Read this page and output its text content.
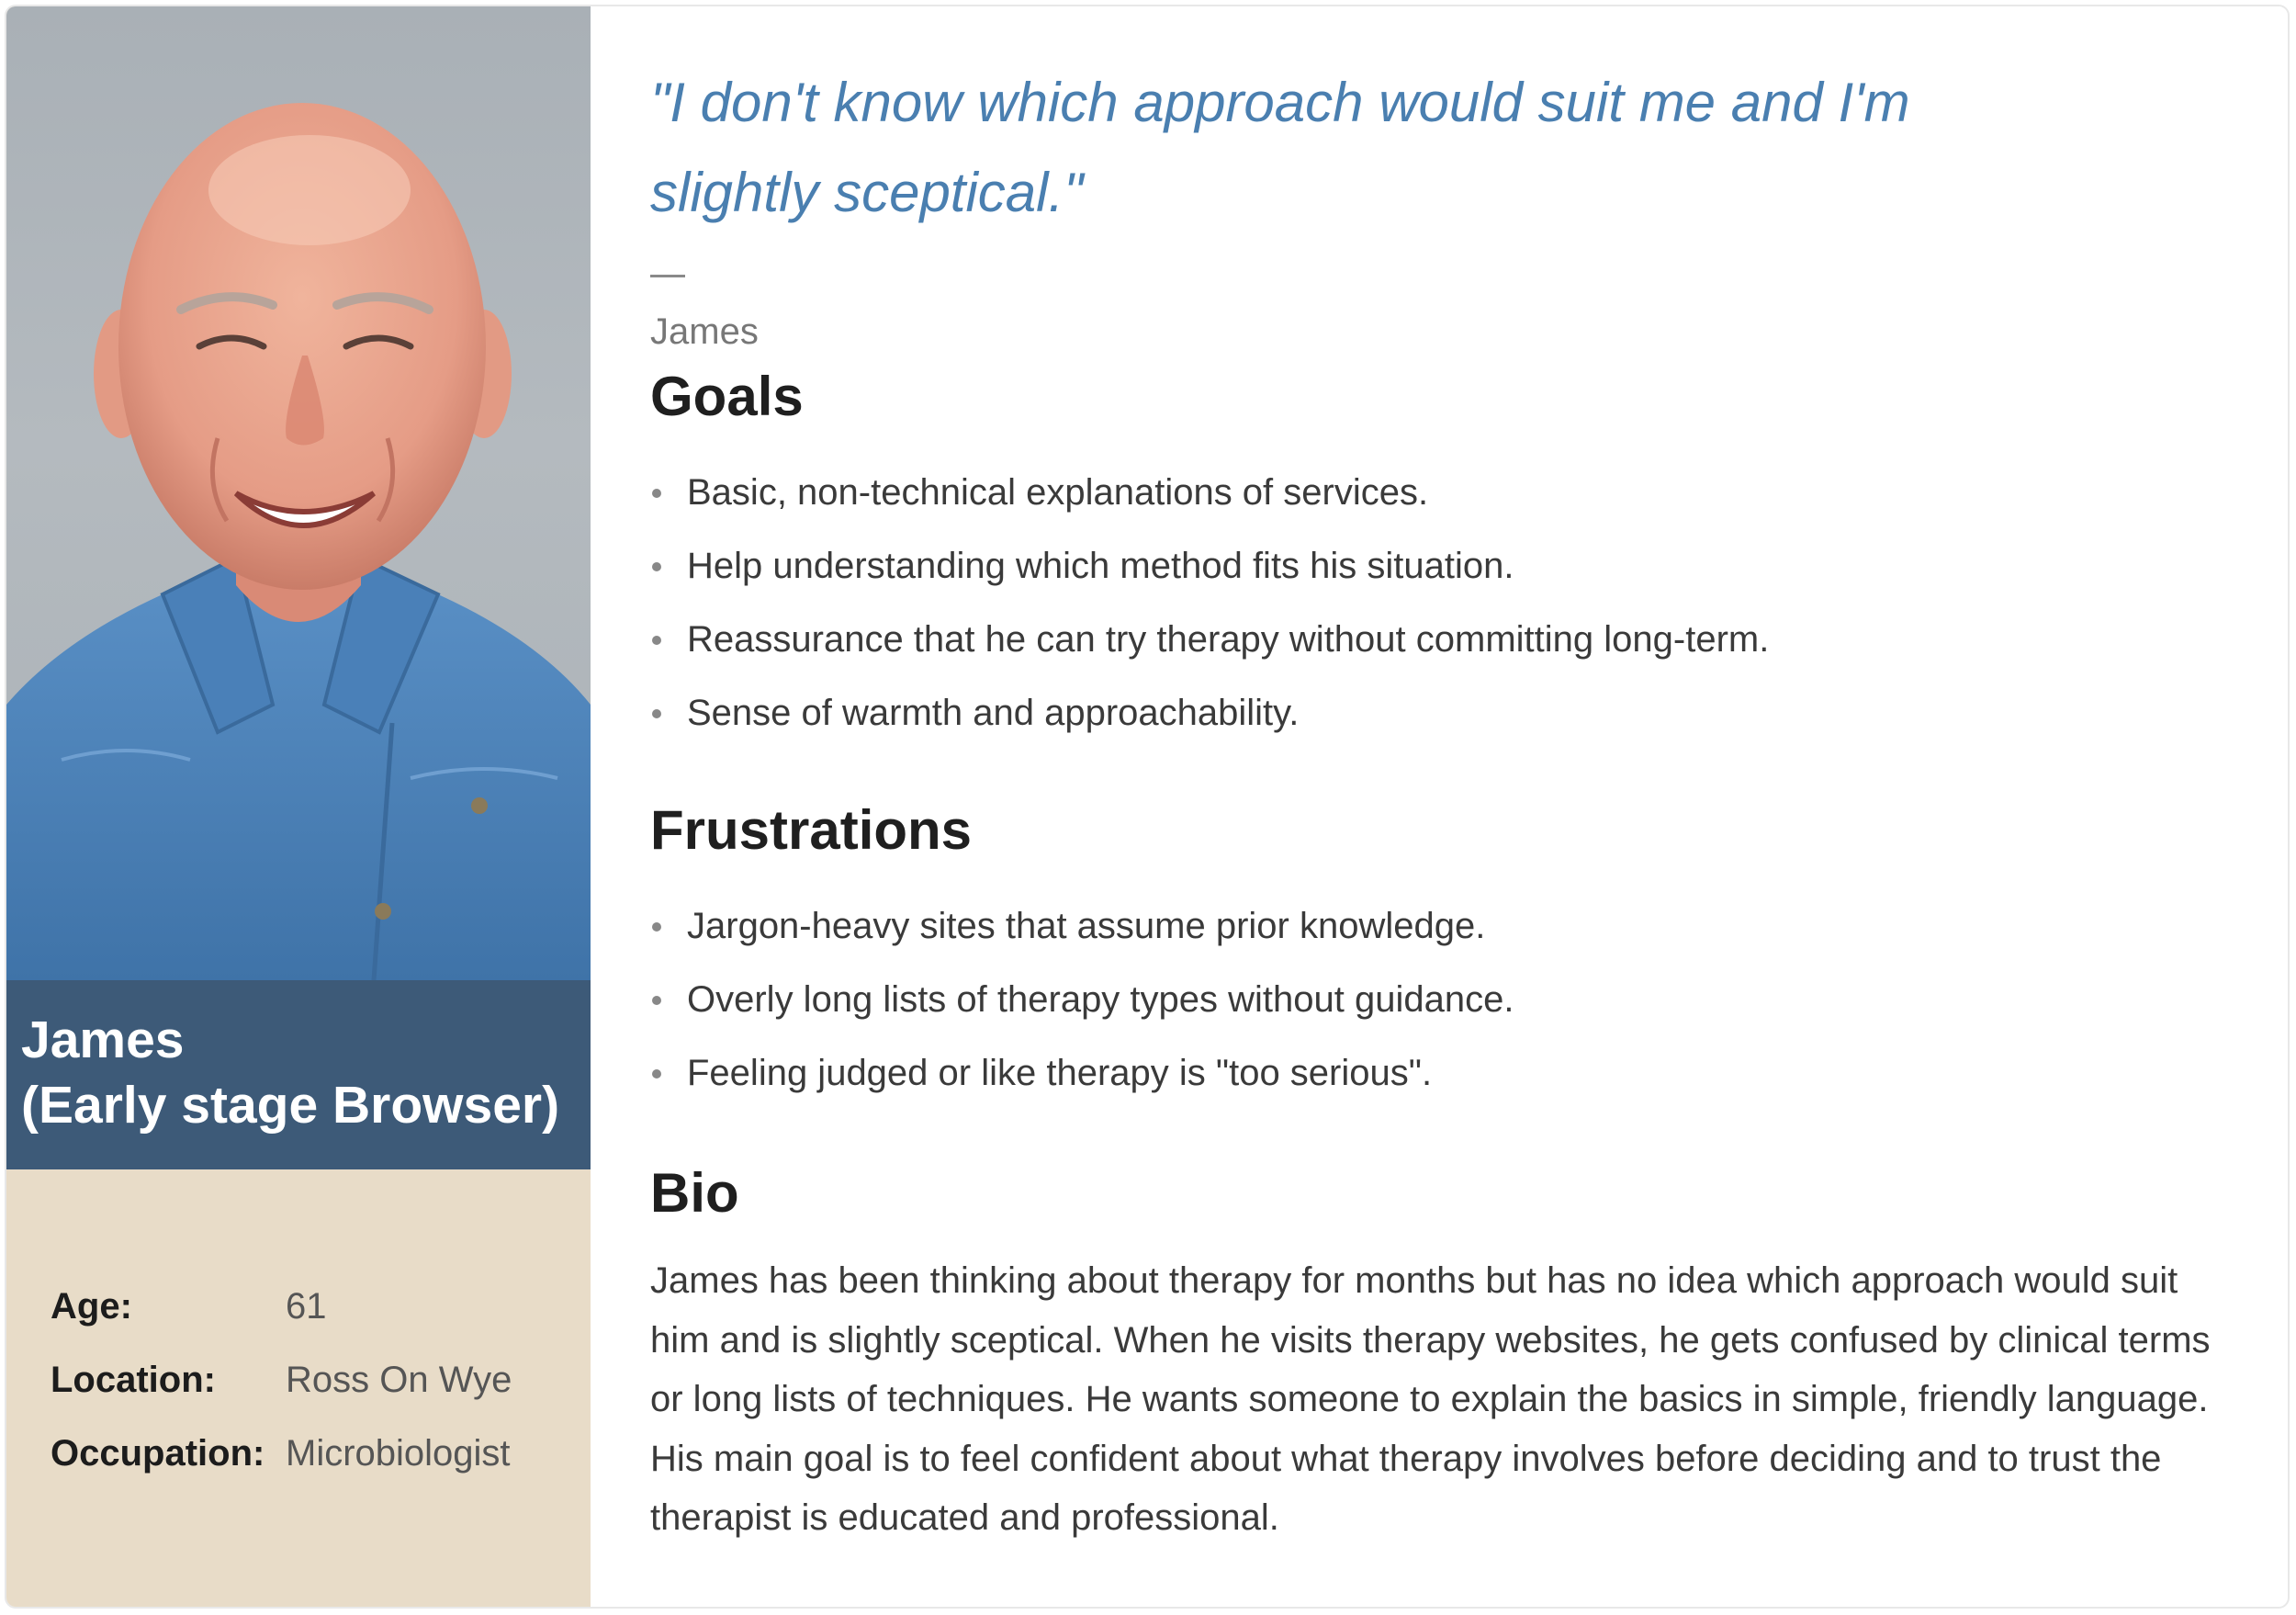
James
(Early stage Browser)
Age:	61
Location:	Ross On Wye
Occupation: Microbiologist
"I don't know which approach would suit me and I'm
slightly sceptical."
James
Goals
Basic, non-technical explanations of services.
Help understanding which method fits his situation.
Reassurance that he can try therapy without committing long-term.
Sense of warmth and approachability.
Frustrations
Jargon-heavy sites that assume prior knowledge.
Overly long lists of therapy types without guidance.
Feeling judged or like therapy is "too serious".
Bio
James has been thinking about therapy for months but has no idea which approach would suit
him and is slightly sceptical. When he visits therapy websites, he gets confused by clinical terms
or long lists of techniques. He wants someone to explain the basics in simple, friendly language.
His main goal is to feel confident about what therapy involves before deciding and to trust the
therapist is educated and professional.
